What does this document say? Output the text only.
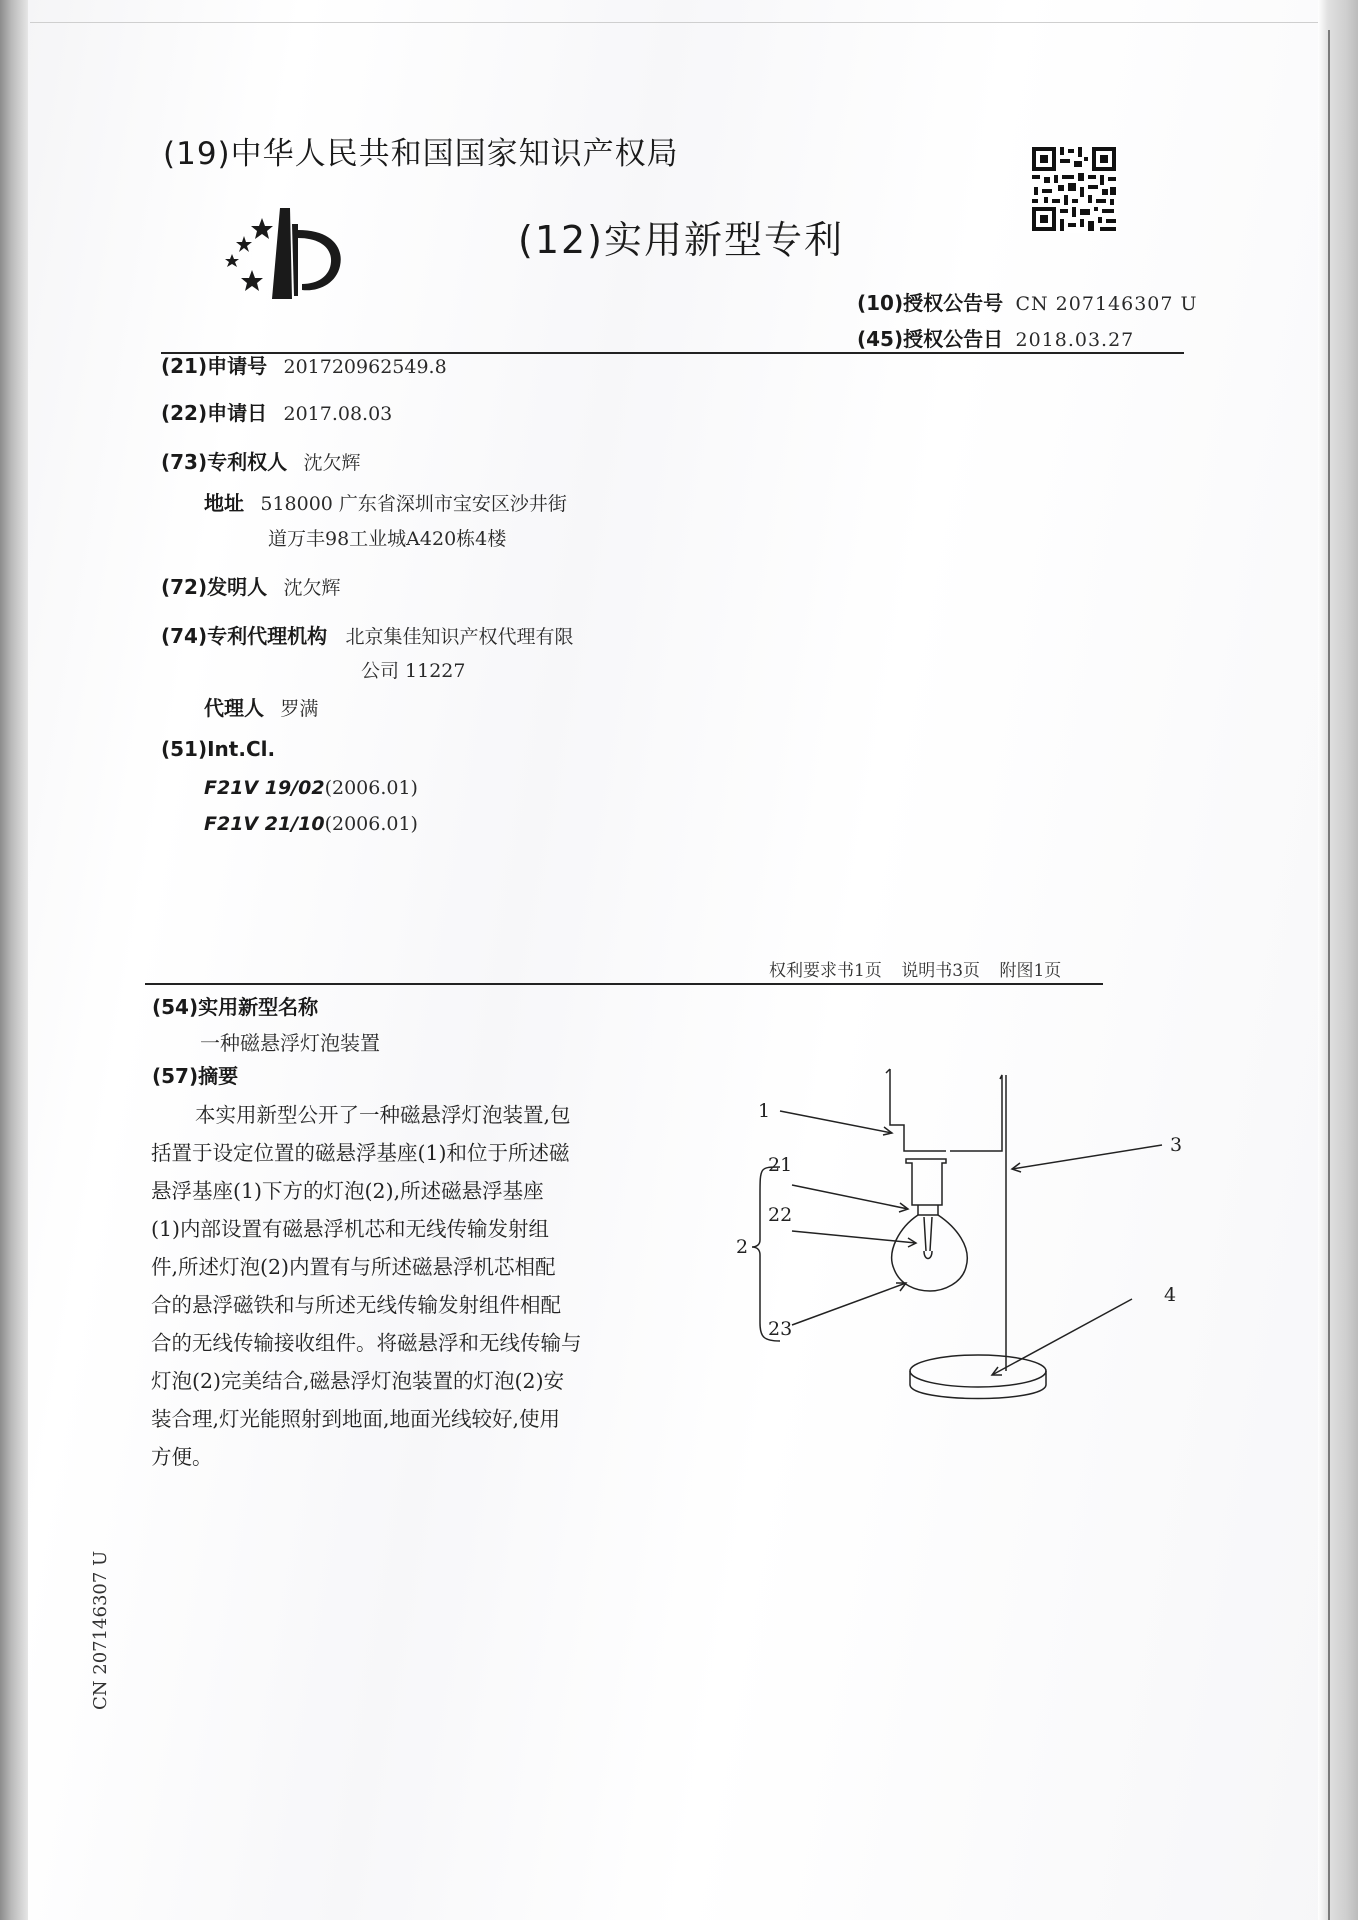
(19)中华人民共和国国家知识产权局
(12)实用新型专利
(10)授权公告号 CN 207146307 U
(45)授权公告日 2018.03.27
(21)申请号 201720962549.8
(22)申请日 2017.08.03
(73)专利权人 沈欠辉
地址 518000 广东省深圳市宝安区沙井街
道万丰98工业城A420栋4楼
(72)发明人 沈欠辉
(74)专利代理机构 北京集佳知识产权代理有限
公司 11227
代理人 罗满
(51)Int.Cl.
F21V 19/02(2006.01)
F21V 21/10(2006.01)
权利要求书1页 说明书3页 附图1页
(54)实用新型名称
一种磁悬浮灯泡装置
(57)摘要
本实用新型公开了一种磁悬浮灯泡装置,包
括置于设定位置的磁悬浮基座(1)和位于所述磁
悬浮基座(1)下方的灯泡(2),所述磁悬浮基座
(1)内部设置有磁悬浮机芯和无线传输发射组
件,所述灯泡(2)内置有与所述磁悬浮机芯相配
合的悬浮磁铁和与所述无线传输发射组件相配
合的无线传输接收组件。将磁悬浮和无线传输与
灯泡(2)完美结合,磁悬浮灯泡装置的灯泡(2)安
装合理,灯光能照射到地面,地面光线较好,使用
方便。
1
3
21
22
2
23
4
CN 207146307 U
